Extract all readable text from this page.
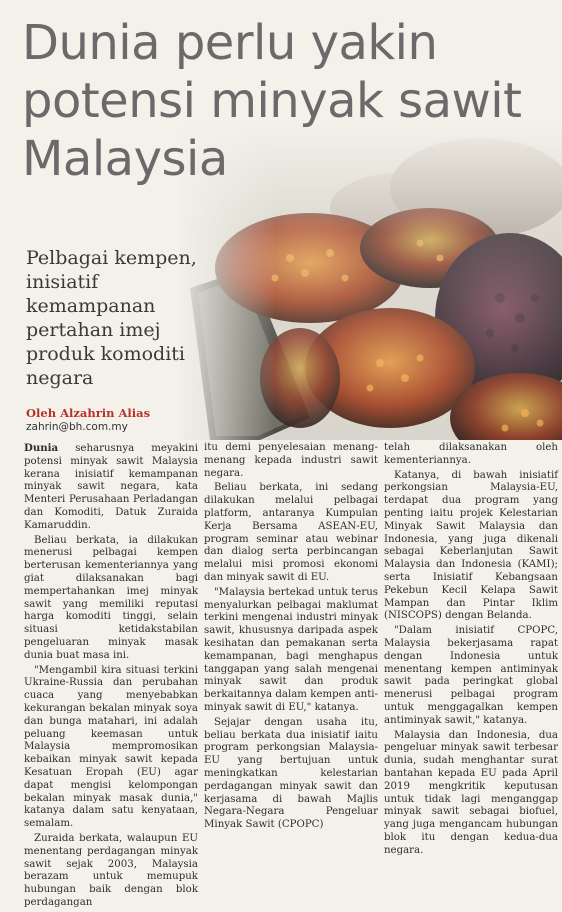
Dunia perlu yakin potensi minyak sawit Malaysia
Pelbagai kempen, inisiatif kemampanan pertahan imej produk komoditi negara
Oleh Alzahrin Alias
zahrin@bh.com.my

Dunia seharusnya meyakini potensi minyak sawit Malaysia kerana inisiatif kemampanan minyak sawit negara, kata Menteri Perusahaan Perladangan dan Komoditi, Datuk Zuraida Kamaruddin.

Beliau berkata, ia dilakukan menerusi pelbagai kempen berterusan kementeriannya yang giat dilaksanakan bagi mempertahankan imej minyak sawit yang memiliki reputasi harga komoditi tinggi, selain situasi ketidakstabilan pengeluaran minyak masak dunia buat masa ini.

"Mengambil kira situasi terkini Ukraine-Russia dan perubahan cuaca yang menyebabkan kekurangan bekalan minyak soya dan bunga matahari, ini adalah peluang keemasan untuk Malaysia mempromosikan kebaikan minyak sawit kepada Kesatuan Eropah (EU) agar dapat mengisi kelompongan bekalan minyak masak dunia," katanya dalam satu kenyataan, semalam.

Zuraida berkata, walaupun EU menentang perdagangan minyak sawit sejak 2003, Malaysia berazam untuk memupuk hubungan baik dengan blok perdagangan

itu demi penyelesaian menang-menang kepada industri sawit negara.

Beliau berkata, ini sedang dilakukan melalui pelbagai platform, antaranya Kumpulan Kerja Bersama ASEAN-EU, program seminar atau webinar dan dialog serta perbincangan melalui misi promosi ekonomi dan minyak sawit di EU.

"Malaysia bertekad untuk terus menyalurkan pelbagai maklumat terkini mengenai industri minyak sawit, khususnya daripada aspek kesihatan dan pemakanan serta kemampanan, bagi menghapus tanggapan yang salah mengenai minyak sawit dan produk berkaitannya dalam kempen anti-minyak sawit di EU," katanya.

Sejajar dengan usaha itu, beliau berkata dua inisiatif iaitu program perkongsian Malaysia-EU yang bertujuan untuk meningkatkan kelestarian perdagangan minyak sawit dan kerjasama di bawah Majlis Negara-Negara Pengeluar Minyak Sawit (CPOPC)

telah dilaksanakan oleh kementeriannya.

Katanya, di bawah inisiatif perkongsian Malaysia-EU, terdapat dua program yang penting iaitu projek Kelestarian Minyak Sawit Malaysia dan Indonesia, yang juga dikenali sebagai Keberlanjutan Sawit Malaysia dan Indonesia (KAMI); serta Inisiatif Kebangsaan Pekebun Kecil Kelapa Sawit Mampan dan Pintar Iklim (NISCOPS) dengan Belanda.

"Dalam inisiatif CPOPC, Malaysia bekerjasama rapat dengan Indonesia untuk menentang kempen antiminyak sawit pada peringkat global menerusi pelbagai program untuk menggagalkan kempen antiminyak sawit," katanya.

Malaysia dan Indonesia, dua pengeluar minyak sawit terbesar dunia, sudah menghantar surat bantahan kepada EU pada April 2019 mengkritik keputusan untuk tidak lagi menganggap minyak sawit sebagai biofuel, yang juga mengancam hubungan blok itu dengan kedua-dua negara.
